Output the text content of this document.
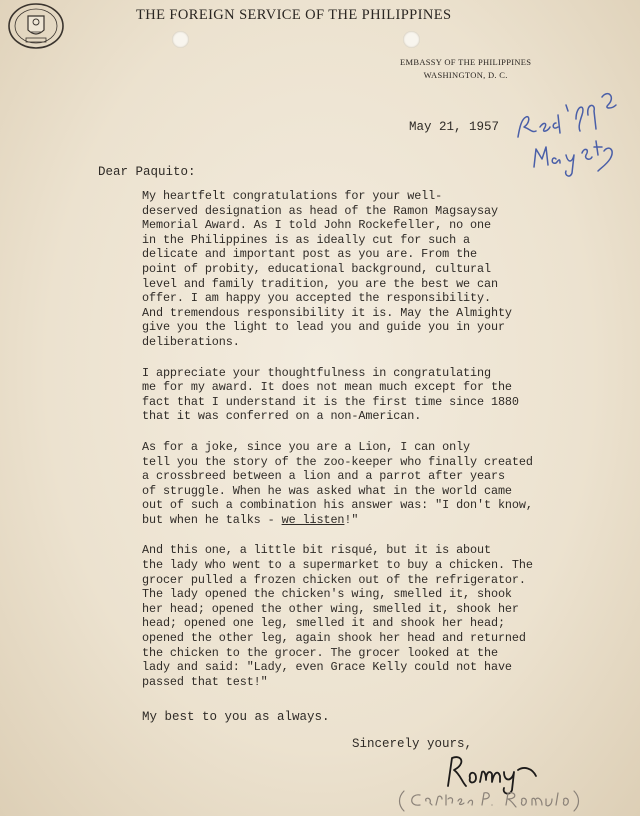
THE FOREIGN SERVICE OF THE PHILIPPINES
EMBASSY OF THE PHILIPPINES
WASHINGTON, D. C.
May 21, 1957
Dear Paquito:

My heartfelt congratulations for your well-
deserved designation as head of the Ramon Magsaysay
Memorial Award. As I told John Rockefeller, no one
in the Philippines is as ideally cut for such a
delicate and important post as you are. From the
point of probity, educational background, cultural
level and family tradition, you are the best we can
offer. I am happy you accepted the responsibility.
And tremendous responsibility it is. May the Almighty
give you the light to lead you and guide you in your
deliberations.

I appreciate your thoughtfulness in congratulating
me for my award. It does not mean much except for the
fact that I understand it is the first time since 1880
that it was conferred on a non-American.

As for a joke, since you are a Lion, I can only
tell you the story of the zoo-keeper who finally created
a crossbreed between a lion and a parrot after years
of struggle. When he was asked what in the world came
out of such a combination his answer was: "I don't know,
but when he talks - we listen!"

And this one, a little bit risqué, but it is about
the lady who went to a supermarket to buy a chicken. The
grocer pulled a frozen chicken out of the refrigerator.
The lady opened the chicken's wing, smelled it, shook
her head; opened the other wing, smelled it, shook her
head; opened one leg, smelled it and shook her head;
opened the other leg, again shook her head and returned
the chicken to the grocer. The grocer looked at the
lady and said: "Lady, even Grace Kelly could not have
passed that test!"

My best to you as always.
Sincerely yours,
